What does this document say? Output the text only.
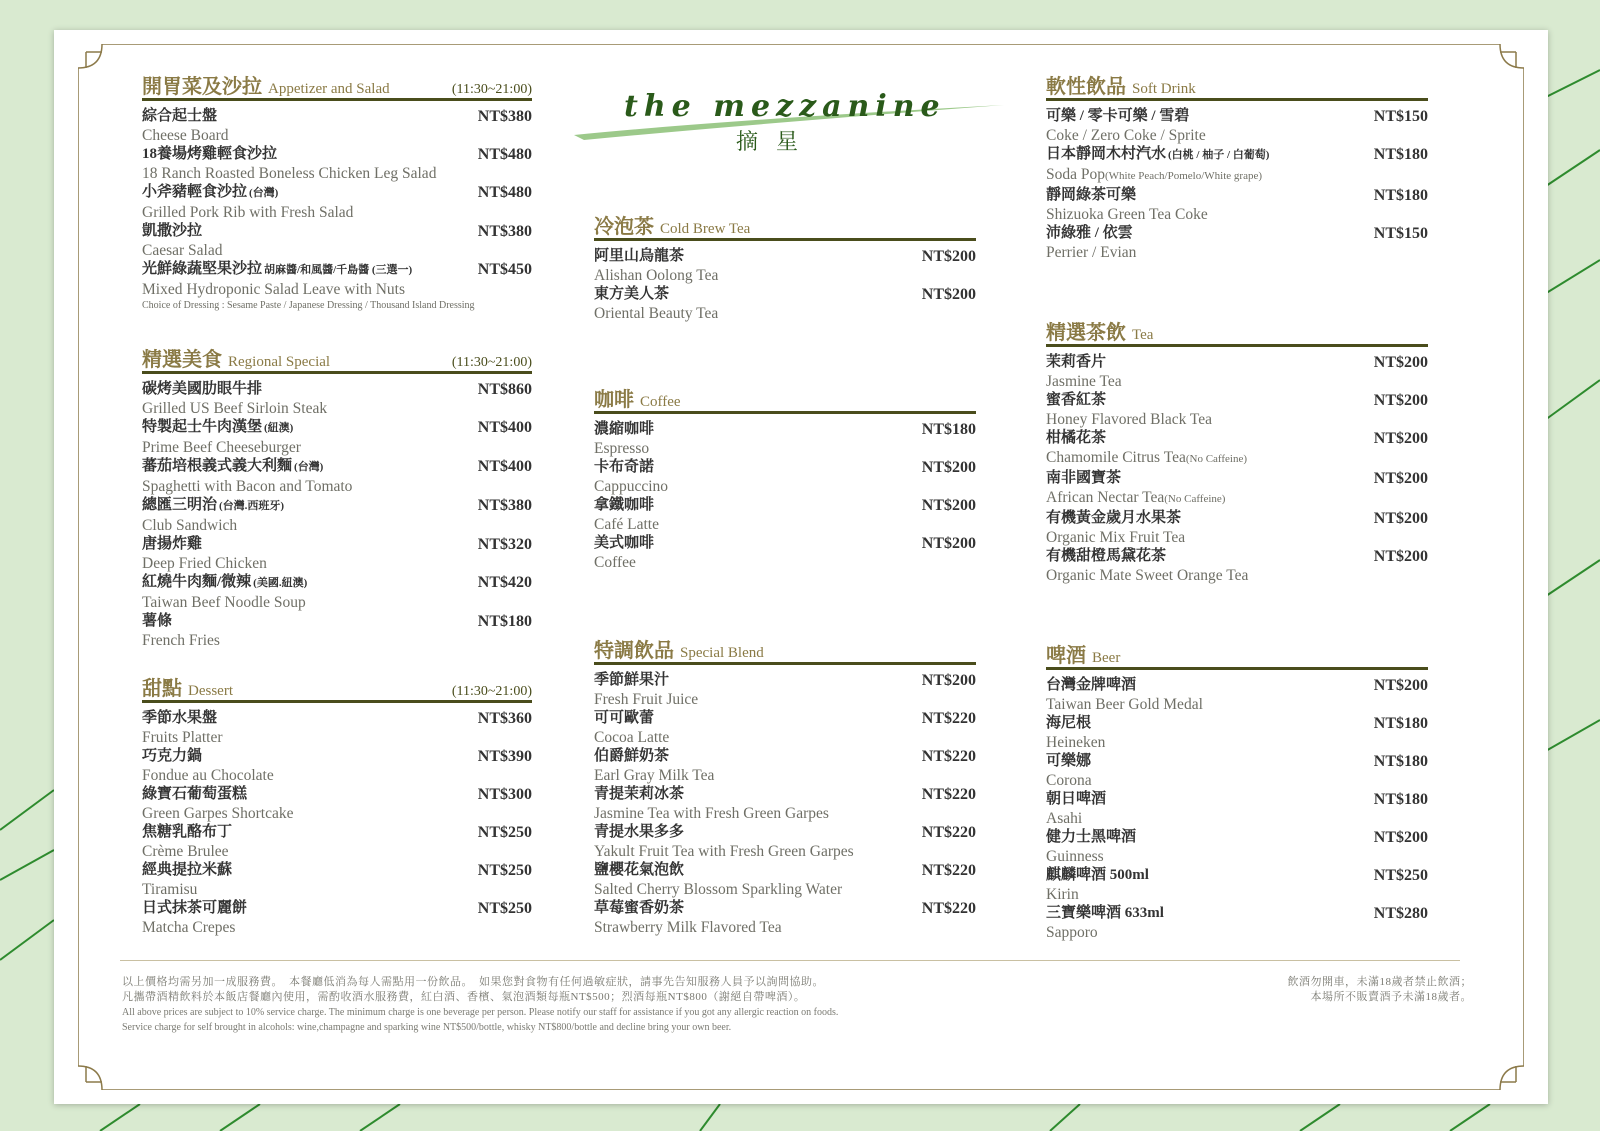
the mezzanine
摘星
開胃菜及沙拉 Appetizer and Salad	(11:30~21:00)
綜合起士盤
Cheese Board
NT$380
18養場烤雞輕食沙拉
18 Ranch Roasted Boneless Chicken Leg Salad
NT$480
小斧豬輕食沙拉 (台灣)
Grilled Pork Rib with Fresh Salad
NT$480
凱撒沙拉
Caesar Salad
NT$380
光鮮綠蔬堅果沙拉 胡麻醬/和風醬/千島醬 (三選一)
Mixed Hydroponic Salad Leave with Nuts
Choice of Dressing : Sesame Paste / Japanese Dressing / Thousand Island Dressing
NT$450
精選美食 Regional Special	(11:30~21:00)
碳烤美國肋眼牛排
Grilled US Beef Sirloin Steak
NT$860
特製起士牛肉漢堡 (紐澳)
Prime Beef Cheeseburger
NT$400
蕃茄培根義式義大利麵 (台灣)
Spaghetti with Bacon and Tomato
NT$400
總匯三明治 (台灣.西班牙)
Club Sandwich
NT$380
唐揚炸雞
Deep Fried Chicken
NT$320
紅燒牛肉麵/微辣 (美國.紐澳)
Taiwan Beef Noodle Soup
NT$420
薯條
French Fries
NT$180
甜點 Dessert	(11:30~21:00)
季節水果盤
Fruits Platter
NT$360
巧克力鍋
Fondue au Chocolate
NT$390
綠寶石葡萄蛋糕
Green Garpes Shortcake
NT$300
焦糖乳酪布丁
Crème Brulee
NT$250
經典提拉米蘇
Tiramisu
NT$250
日式抹茶可麗餅
Matcha Crepes
NT$250
冷泡茶 Cold Brew Tea
阿里山烏龍茶
Alishan Oolong Tea
NT$200
東方美人茶
Oriental Beauty Tea
NT$200
咖啡 Coffee
濃縮咖啡
Espresso
NT$180
卡布奇諾
Cappuccino
NT$200
拿鐵咖啡
Café Latte
NT$200
美式咖啡
Coffee
NT$200
特調飲品 Special Blend
季節鮮果汁
Fresh Fruit Juice
NT$200
可可歐蕾
Cocoa Latte
NT$220
伯爵鮮奶茶
Earl Gray Milk Tea
NT$220
青提茉莉冰茶
Jasmine Tea with Fresh Green Garpes
NT$220
青提水果多多
Yakult Fruit Tea with Fresh Green Garpes
NT$220
鹽櫻花氣泡飲
Salted Cherry Blossom Sparkling Water
NT$220
草莓蜜香奶茶
Strawberry Milk Flavored Tea
NT$220
軟性飲品 Soft Drink
可樂 / 零卡可樂 / 雪碧
Coke / Zero Coke / Sprite
NT$150
日本靜岡木村汽水 (白桃 / 柚子 / 白葡萄)
Soda Pop(White Peach/Pomelo/White grape)
NT$180
靜岡綠茶可樂
Shizuoka Green Tea Coke
NT$180
沛綠雅 / 依雲
Perrier / Evian
NT$150
精選茶飲 Tea
茉莉香片
Jasmine Tea
NT$200
蜜香紅茶
Honey Flavored Black Tea
NT$200
柑橘花茶
Chamomile Citrus Tea(No Caffeine)
NT$200
南非國寶茶
African Nectar Tea(No Caffeine)
NT$200
有機黃金歲月水果茶
Organic Mix Fruit Tea
NT$200
有機甜橙馬黛花茶
Organic Mate Sweet Orange Tea
NT$200
啤酒 Beer
台灣金牌啤酒
Taiwan Beer Gold Medal
NT$200
海尼根
Heineken
NT$180
可樂娜
Corona
NT$180
朝日啤酒
Asahi
NT$180
健力士黑啤酒
Guinness
NT$200
麒麟啤酒 500ml
Kirin
NT$250
三寶樂啤酒 633ml
Sapporo
NT$280
以上價格均需另加一成服務費。　本餐廳低消為每人需點用一份飲品。　如果您對食物有任何過敏症狀，請事先告知服務人員予以詢問協助。
凡攜帶酒精飲料於本飯店餐廳內使用，需酌收酒水服務費，紅白酒、香檳、氣泡酒類每瓶NT$500；烈酒每瓶NT$800（謝絕自帶啤酒）。
All above prices are subject to 10% service charge. The minimum charge is one beverage per person. Please notify our staff for assistance if you got any allergic reaction on foods.
Service charge for self brought in alcohols: wine,champagne and sparking wine NT$500/bottle, whisky NT$800/bottle and decline bring your own beer.
飲酒勿開車，未滿18歲者禁止飲酒；
本場所不販賣酒予未滿18歲者。
